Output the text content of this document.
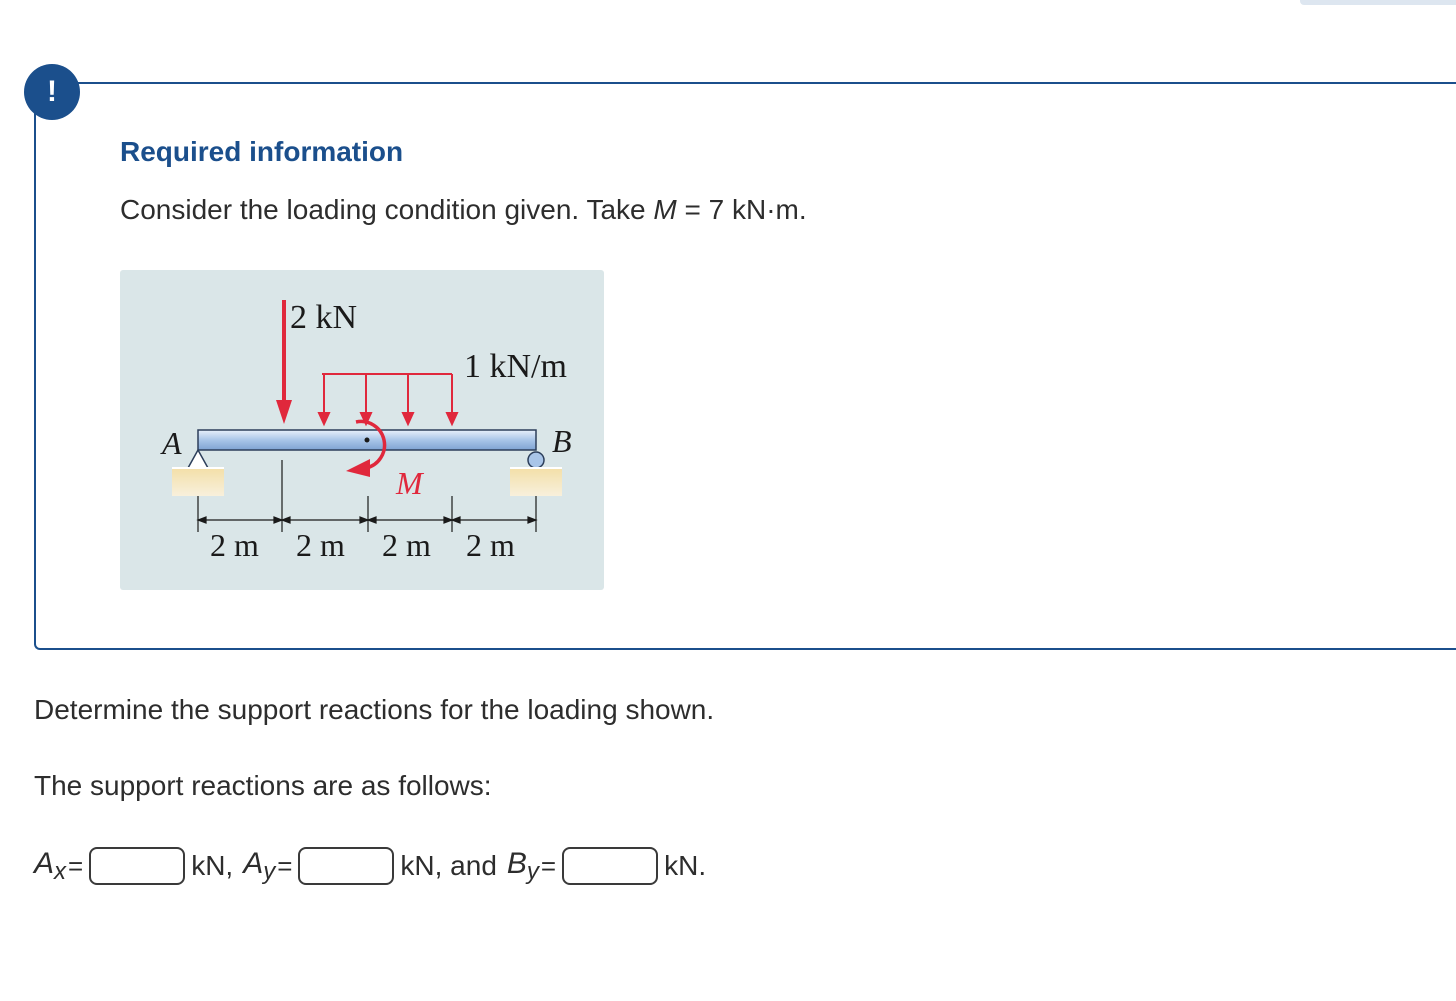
!
Required information

Consider the loading condition given. Take M = 7 kN·m.

1 kN/m
2 kN
M
A	B
2 m 2 m 2 m 2 m

Determine the support reactions for the loading shown.

The support reactions are as follows:

$A_x$ =	kN, $A_y$ =	kN, and $B_y$ =	kN.
